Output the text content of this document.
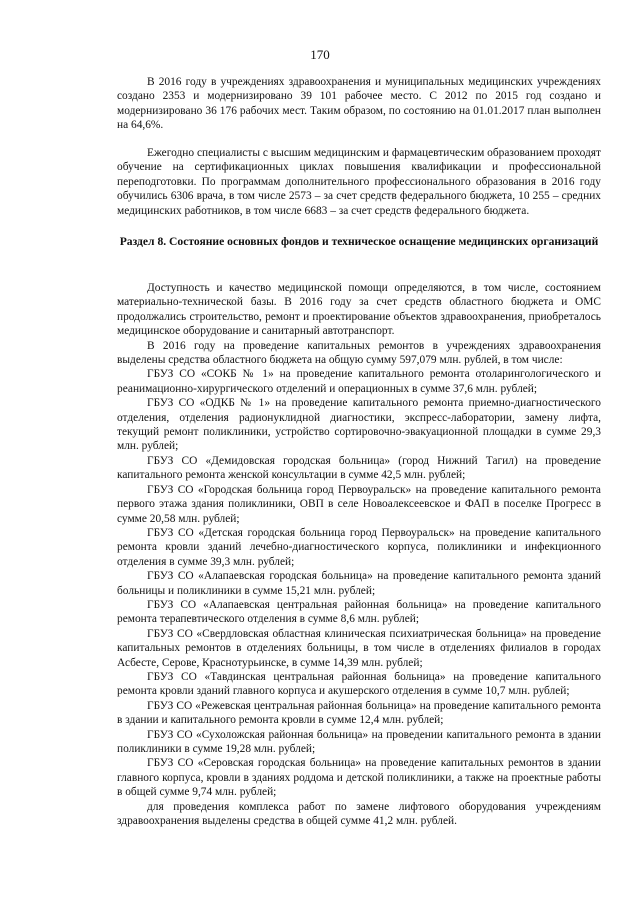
170

В 2016 году в учреждениях здравоохранения и муниципальных медицинских учреждениях создано 2353 и модернизировано 39 101 рабочее место. С 2012 по 2015 год создано и модернизировано 36 176 рабочих мест. Таким образом, по состоянию на 01.01.2017 план выполнен на 64,6%.

Ежегодно специалисты с высшим медицинским и фармацевтическим образованием проходят обучение на сертификационных циклах повышения квалификации и профессиональной переподготовки. По программам дополнительного профессионального образования в 2016 году обучились 6306 врача, в том числе 2573 – за счет средств федерального бюджета, 10 255 – средних медицинских работников, в том числе 6683 – за счет средств федерального бюджета.

Раздел 8. Состояние основных фондов и техническое оснащение медицинских организаций

Доступность и качество медицинской помощи определяются, в том числе, состоянием материально-технической базы. В 2016 году за счет средств областного бюджета и ОМС продолжались строительство, ремонт и проектирование объектов здравоохранения, приобреталось медицинское оборудование и санитарный автотранспорт.

В 2016 году на проведение капитальных ремонтов в учреждениях здравоохранения выделены средства областного бюджета на общую сумму 597,079 млн. рублей, в том числе:

ГБУЗ СО «СОКБ № 1» на проведение капитального ремонта отоларингологического и реанимационно-хирургического отделений и операционных в сумме 37,6 млн. рублей;

ГБУЗ СО «ОДКБ № 1» на проведение капитального ремонта приемно-диагностического отделения, отделения радионуклидной диагностики, экспресс-лаборатории, замену лифта, текущий ремонт поликлиники, устройство сортировочно-эвакуационной площадки в сумме 29,3 млн. рублей;

ГБУЗ СО «Демидовская городская больница» (город Нижний Тагил) на проведение капитального ремонта женской консультации в сумме 42,5 млн. рублей;

ГБУЗ СО «Городская больница город Первоуральск» на проведение капитального ремонта первого этажа здания поликлиники, ОВП в селе Новоалексеевское и ФАП в поселке Прогресс в сумме 20,58 млн. рублей;

ГБУЗ СО «Детская городская больница город Первоуральск» на проведение капитального ремонта кровли зданий лечебно-диагностического корпуса, поликлиники и инфекционного отделения в сумме 39,3 млн. рублей;

ГБУЗ СО «Алапаевская городская больница» на проведение капитального ремонта зданий больницы и поликлиники в сумме 15,21 млн. рублей;

ГБУЗ СО «Алапаевская центральная районная больница» на проведение капитального ремонта терапевтического отделения в сумме 8,6 млн. рублей;

ГБУЗ СО «Свердловская областная клиническая психиатрическая больница» на проведение капитальных ремонтов в отделениях больницы, в том числе в отделениях филиалов в городах Асбесте, Серове, Краснотурьинске, в сумме 14,39 млн. рублей;

ГБУЗ СО «Тавдинская центральная районная больница» на проведение капитального ремонта кровли зданий главного корпуса и акушерского отделения в сумме 10,7 млн. рублей;

ГБУЗ СО «Режевская центральная районная больница» на проведение капитального ремонта в здании и капитального ремонта кровли в сумме 12,4 млн. рублей;

ГБУЗ СО «Сухоложская районная больница» на проведении капитального ремонта в здании поликлиники в сумме 19,28 млн. рублей;

ГБУЗ СО «Серовская городская больница» на проведение капитальных ремонтов в здании главного корпуса, кровли в зданиях роддома и детской поликлиники, а также на проектные работы в общей сумме 9,74 млн. рублей;

для проведения комплекса работ по замене лифтового оборудования учреждениям здравоохранения выделены средства в общей сумме 41,2 млн. рублей.
